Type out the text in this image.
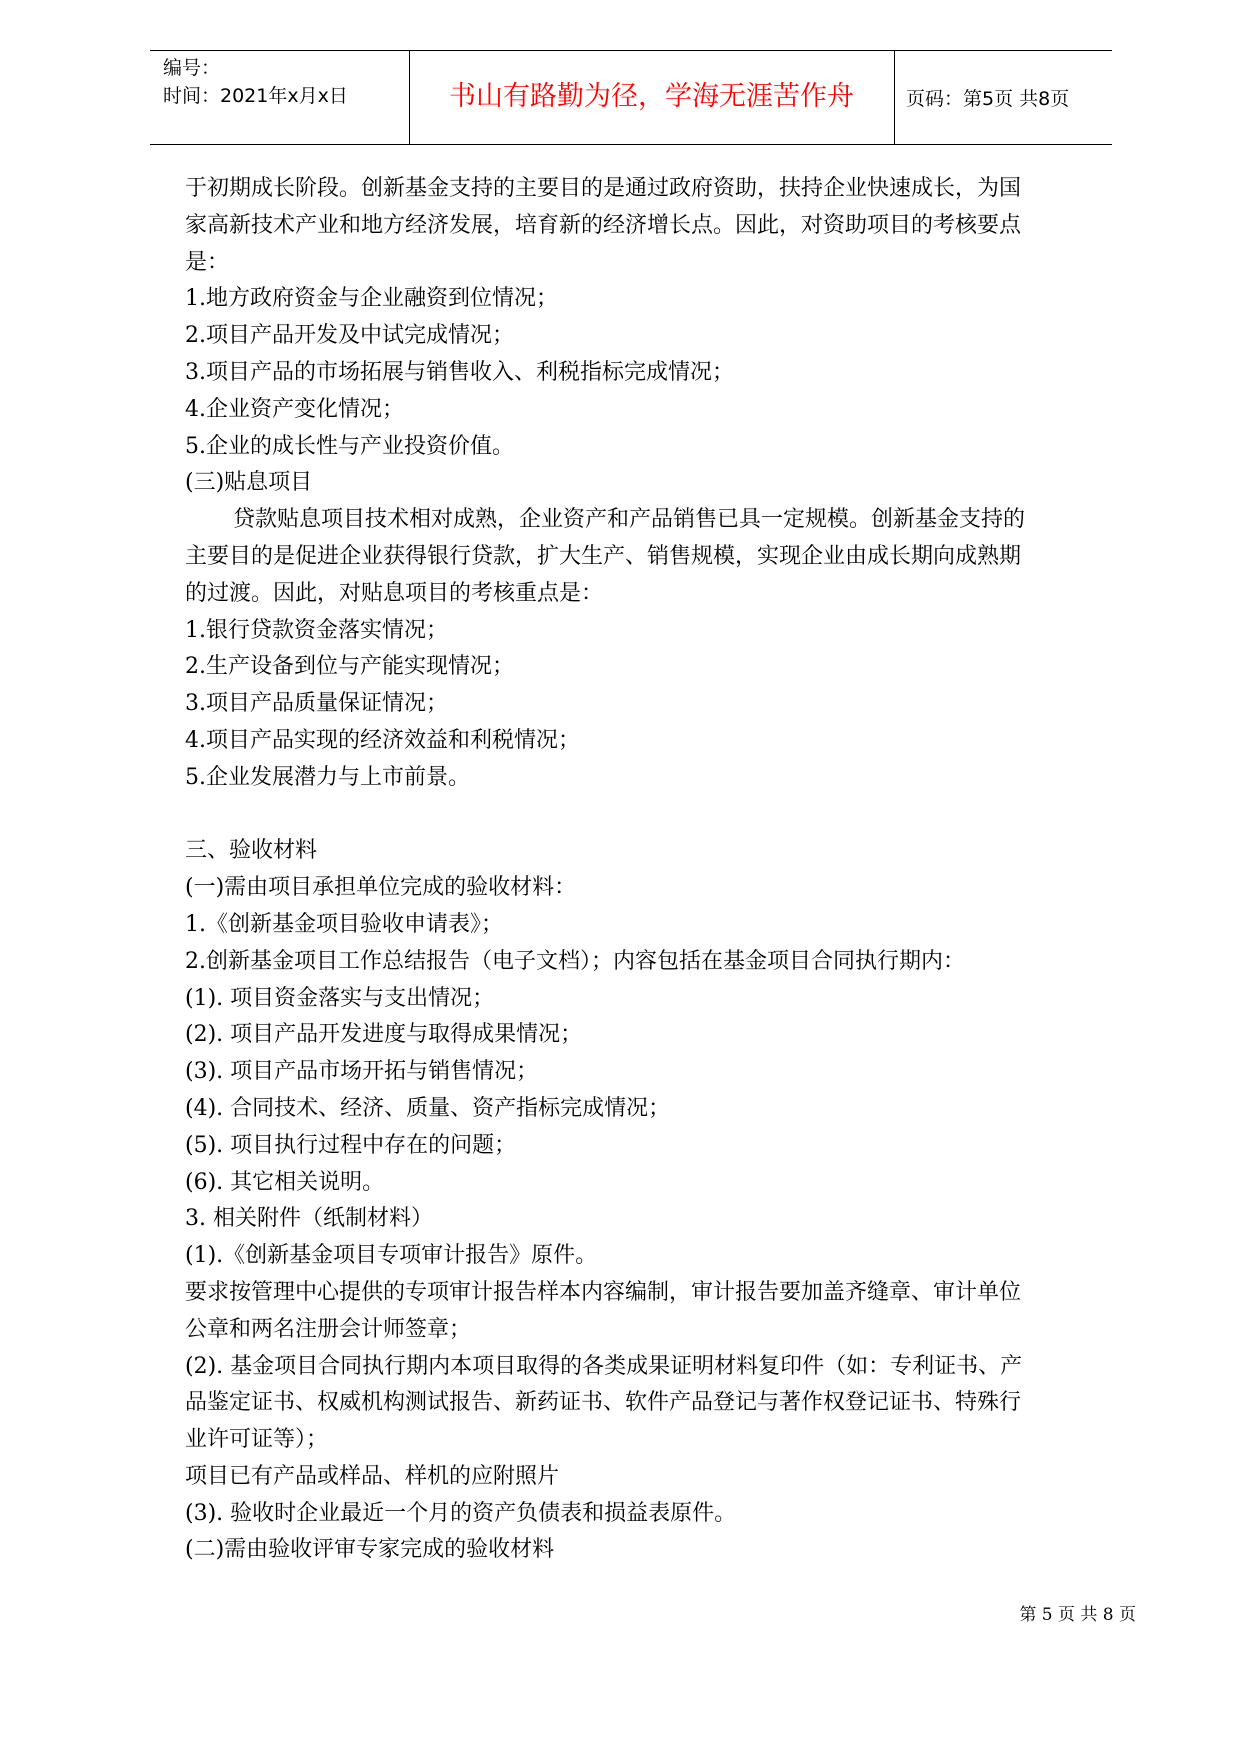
编号：
时间：2021年x月x日	书山有路勤为径，学海无涯苦作舟	页码：第5页 共8页
于初期成长阶段。创新基金支持的主要目的是通过政府资助，扶持企业快速成长，为国
家高新技术产业和地方经济发展，培育新的经济增长点。因此，对资助项目的考核要点
是：
1.地方政府资金与企业融资到位情况；
2.项目产品开发及中试完成情况；
3.项目产品的市场拓展与销售收入、利税指标完成情况；
4.企业资产变化情况；
5.企业的成长性与产业投资价值。
(三)贴息项目
贷款贴息项目技术相对成熟，企业资产和产品销售已具一定规模。创新基金支持的
主要目的是促进企业获得银行贷款，扩大生产、销售规模，实现企业由成长期向成熟期
的过渡。因此，对贴息项目的考核重点是：
1.银行贷款资金落实情况；
2.生产设备到位与产能实现情况；
3.项目产品质量保证情况；
4.项目产品实现的经济效益和利税情况；
5.企业发展潜力与上市前景。
三、验收材料
(一)需由项目承担单位完成的验收材料：
1.《创新基金项目验收申请表》；
2.创新基金项目工作总结报告（电子文档）；内容包括在基金项目合同执行期内：
(1). 项目资金落实与支出情况；
(2). 项目产品开发进度与取得成果情况；
(3). 项目产品市场开拓与销售情况；
(4). 合同技术、经济、质量、资产指标完成情况；
(5). 项目执行过程中存在的问题；
(6). 其它相关说明。
3. 相关附件（纸制材料）
(1).《创新基金项目专项审计报告》原件。
要求按管理中心提供的专项审计报告样本内容编制，审计报告要加盖齐缝章、审计单位
公章和两名注册会计师签章；
(2). 基金项目合同执行期内本项目取得的各类成果证明材料复印件（如：专利证书、产
品鉴定证书、权威机构测试报告、新药证书、软件产品登记与著作权登记证书、特殊行
业许可证等）；
项目已有产品或样品、样机的应附照片
(3). 验收时企业最近一个月的资产负债表和损益表原件。
(二)需由验收评审专家完成的验收材料
第 5 页 共 8 页
